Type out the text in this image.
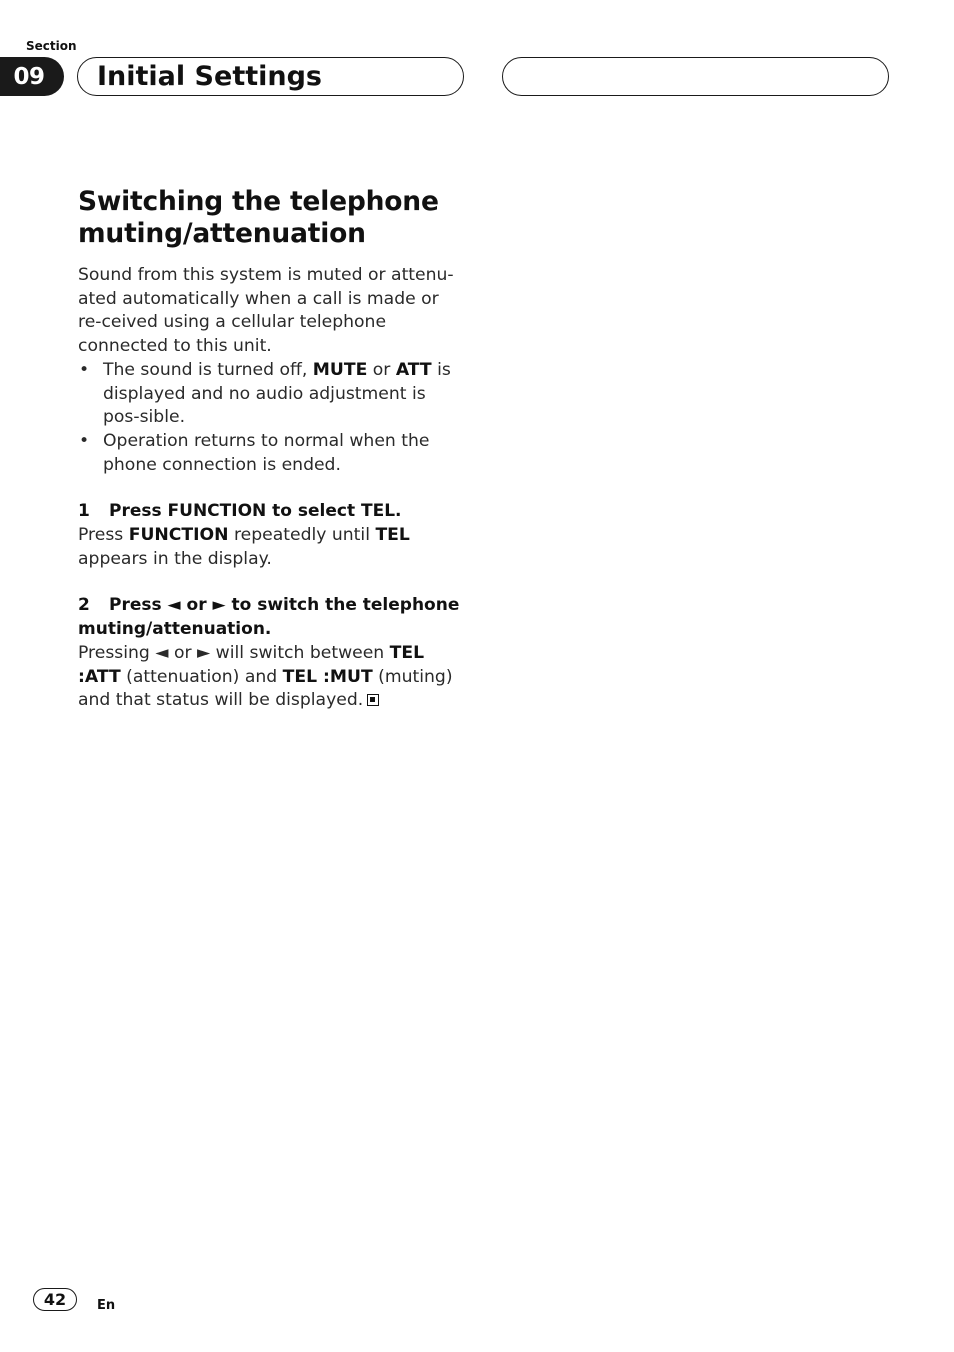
Section
09	Initial Settings
Switching the telephone
muting/attenuation

Sound from this system is muted or attenu-ated automatically when a call is made or re-ceived using a cellular telephone connected to this unit.

• The sound is turned off, MUTE or ATT is displayed and no audio adjustment is pos-sible.
• Operation returns to normal when the phone connection is ended.
1 Press FUNCTION to select TEL.

Press FUNCTION repeatedly until TEL appears in the display.

2 Press ◄ or ► to switch the telephone muting/attenuation.

Pressing ◄ or ► will switch between TEL :ATT (attenuation) and TEL :MUT (muting) and that status will be displayed.

42	En
